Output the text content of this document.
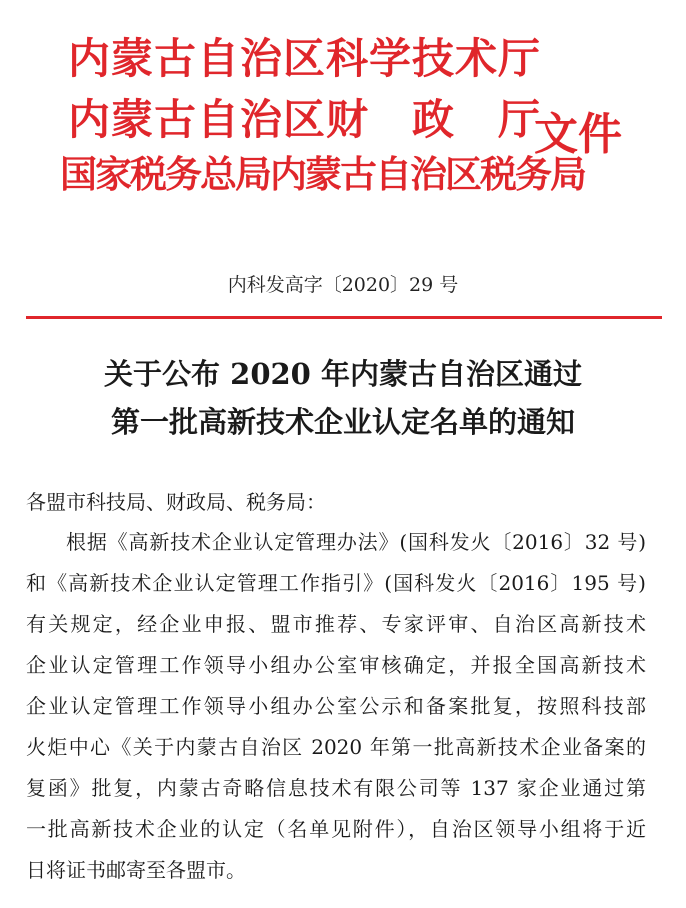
内蒙古自治区科学技术厅
内蒙古自治区财　政　厅
国家税务总局内蒙古自治区税务局
文件
内科发高字〔2020〕29 号
关于公布 2020 年内蒙古自治区通过
第一批高新技术企业认定名单的通知
各盟市科技局、财政局、税务局：
根据《高新技术企业认定管理办法》(国科发火〔2016〕32 号)
和《高新技术企业认定管理工作指引》(国科发火〔2016〕195 号)
有关规定，经企业申报、盟市推荐、专家评审、自治区高新技术
企业认定管理工作领导小组办公室审核确定，并报全国高新技术
企业认定管理工作领导小组办公室公示和备案批复，按照科技部
火炬中心《关于内蒙古自治区 2020 年第一批高新技术企业备案的
复函》批复，内蒙古奇略信息技术有限公司等 137 家企业通过第
一批高新技术企业的认定（名单见附件），自治区领导小组将于近
日将证书邮寄至各盟市。
